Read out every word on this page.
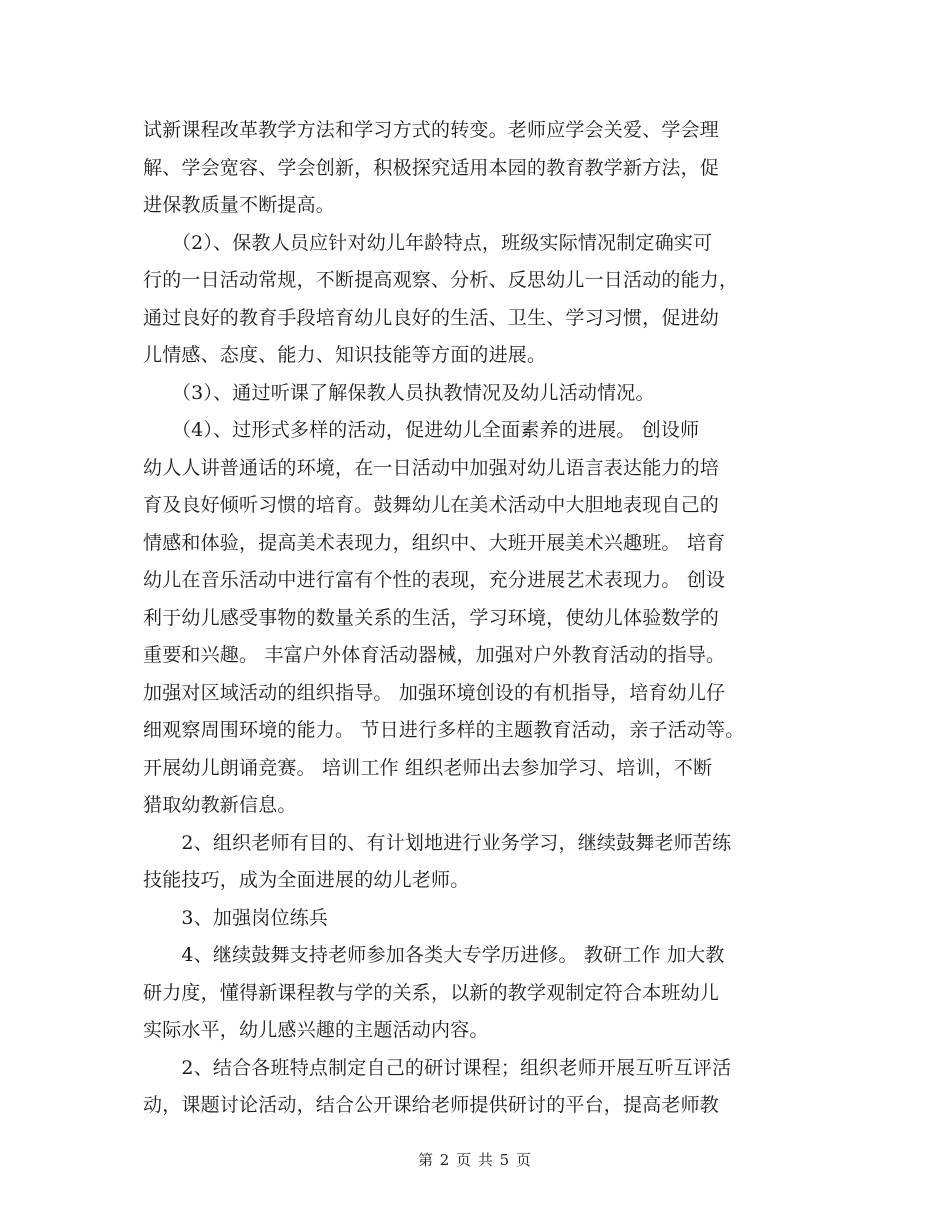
试新课程改革教学方法和学习方式的转变。老师应学会关爱、学会理
解、学会宽容、学会创新，积极探究适用本园的教育教学新方法，促
进保教质量不断提高。
　　（2）、保教人员应针对幼儿年龄特点，班级实际情况制定确实可
行的一日活动常规，不断提高观察、分析、反思幼儿一日活动的能力，
通过良好的教育手段培育幼儿良好的生活、卫生、学习习惯，促进幼
儿情感、态度、能力、知识技能等方面的进展。
　　（3）、通过听课了解保教人员执教情况及幼儿活动情况。
　　（4）、过形式多样的活动，促进幼儿全面素养的进展。 创设师
幼人人讲普通话的环境，在一日活动中加强对幼儿语言表达能力的培
育及良好倾听习惯的培育。鼓舞幼儿在美术活动中大胆地表现自己的
情感和体验，提高美术表现力，组织中、大班开展美术兴趣班。 培育
幼儿在音乐活动中进行富有个性的表现，充分进展艺术表现力。 创设
利于幼儿感受事物的数量关系的生活，学习环境，使幼儿体验数学的
重要和兴趣。 丰富户外体育活动器械，加强对户外教育活动的指导。
加强对区域活动的组织指导。 加强环境创设的有机指导，培育幼儿仔
细观察周围环境的能力。 节日进行多样的主题教育活动，亲子活动等。
开展幼儿朗诵竞赛。 培训工作 组织老师出去参加学习、培训，不断
猎取幼教新信息。
　　2、组织老师有目的、有计划地进行业务学习，继续鼓舞老师苦练
技能技巧，成为全面进展的幼儿老师。
　　3、加强岗位练兵
　　4、继续鼓舞支持老师参加各类大专学历进修。 教研工作 加大教
研力度，懂得新课程教与学的关系，以新的教学观制定符合本班幼儿
实际水平，幼儿感兴趣的主题活动内容。
　　2、结合各班特点制定自己的研讨课程；组织老师开展互听互评活
动，课题讨论活动，结合公开课给老师提供研讨的平台，提高老师教
第 2 页 共 5 页
